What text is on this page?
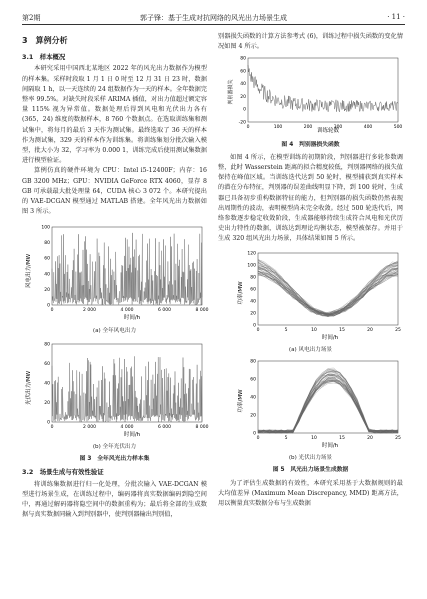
第2期	郭子锋：基于生成对抗网络的风光出力场景生成	· 11 ·
3　算例分析
3.1　样本概况

本研究采用中国西北某地区 2022 年的风光出力数据作为模型的样本集。采样时段取 1 月 1 日 0 时至 12 月 31 日 23 时，数据间隔取 1 h，以一天连续的 24 组数据作为一天的样本。全年数据完整率 99.5%。对缺失时段采样 ARIMA 插值，对出力值超过额定容量 115% 视为异常值。数据处理后得到风电和光伏出力各有 (365，24) 维度的数据样本，8 760 个数据点。在选取训练集和测试集中，将每月的最后 3 天作为测试集。最终选取了 36 天的样本作为测试集，329 天的样本作为训练集。将训练集划分批次输入模型，批大小为 32，学习率为 0.000 1，训练完成后使用测试集数据进行模型验证。

算例仿真的硬件环境为 CPU：Intel i5-12400F；内存：16 GB 3200 MHz；GPU：NVIDIA GeForce RTX 4060，显存 8 GB 可承载最大批处理量 64，CUDA 核心 3 072 个。本研究提出的 VAE-DCGAN 模型通过 MATLAB 搭建。全年风光出力数据如图 3 所示。

风电出力/MW
0	2 000	4 000	6 000	8 000
0
20
40
60
80
100
时间/h
(a) 全年风电出力
光伏出力/MW
0	2 000	4 000	6 000	8 000
0
20
40
60
80
时间/h
(b) 全年光伏出力
图 3　全年风光出力样本集
3.2　场景生成与有效性验证

将训练集数据进行归一化处理，分批次输入 VAE-DCGAN 模型进行场景生成，在训练过程中，编码器将真实数据编码到隐空间中，再通过解码器将隐空间中的数据重构为；最后将全部的生成数据与真实数据同输入到判别器中，使判别器输出判别值，

别器损失函数的计算方法参考式 (6)，训练过程中损失函数的变化情况如图 4 所示。

判别器损失
0	100	200	300	400	500
-20
0
20
40
60
80
训练轮数
图 4　判别器损失函数

如图 4 所示，在模型训练的初期阶段，判别器进行多轮参数调整，此时 Wasserstein 距离的拟合精度较低，判别器网络的损失值保持在峰值区域。当训练迭代达到 50 轮时，模型捕获到真实样本的潜在分布特征，判别器的误差曲线明显下降，到 100 轮时，生成器已具备初步重构数据特征的能力，但判别器的损失函数仍然表现出周期性的波动，表明模型尚未完全收敛。经过 500 轮迭代后，网络参数逐步稳定收敛阶段，生成器能够持续生成符合风电和光伏历史出力特性的数据，训练达到理论均衡状态，模型被保存。并用于生成 320 组风光出力场景，具体结果如图 5 所示。

功率/MW
0	5	10	15	20	25
0
20
40
60
80
100
120
时间/h
(a) 风电出力场景
功率/MW
0	5	10	15	20	25
0
20
40
60
80
时间/h
(b) 光伏出力场景
图 5　风光出力场景生成数据

为了评估生成数据的有效性，本研究采用基于大数据规则的最大均值差异 (Maximum Mean Discrepancy, MMD) 距离方法，用以衡量真实数据分布与生成数据
